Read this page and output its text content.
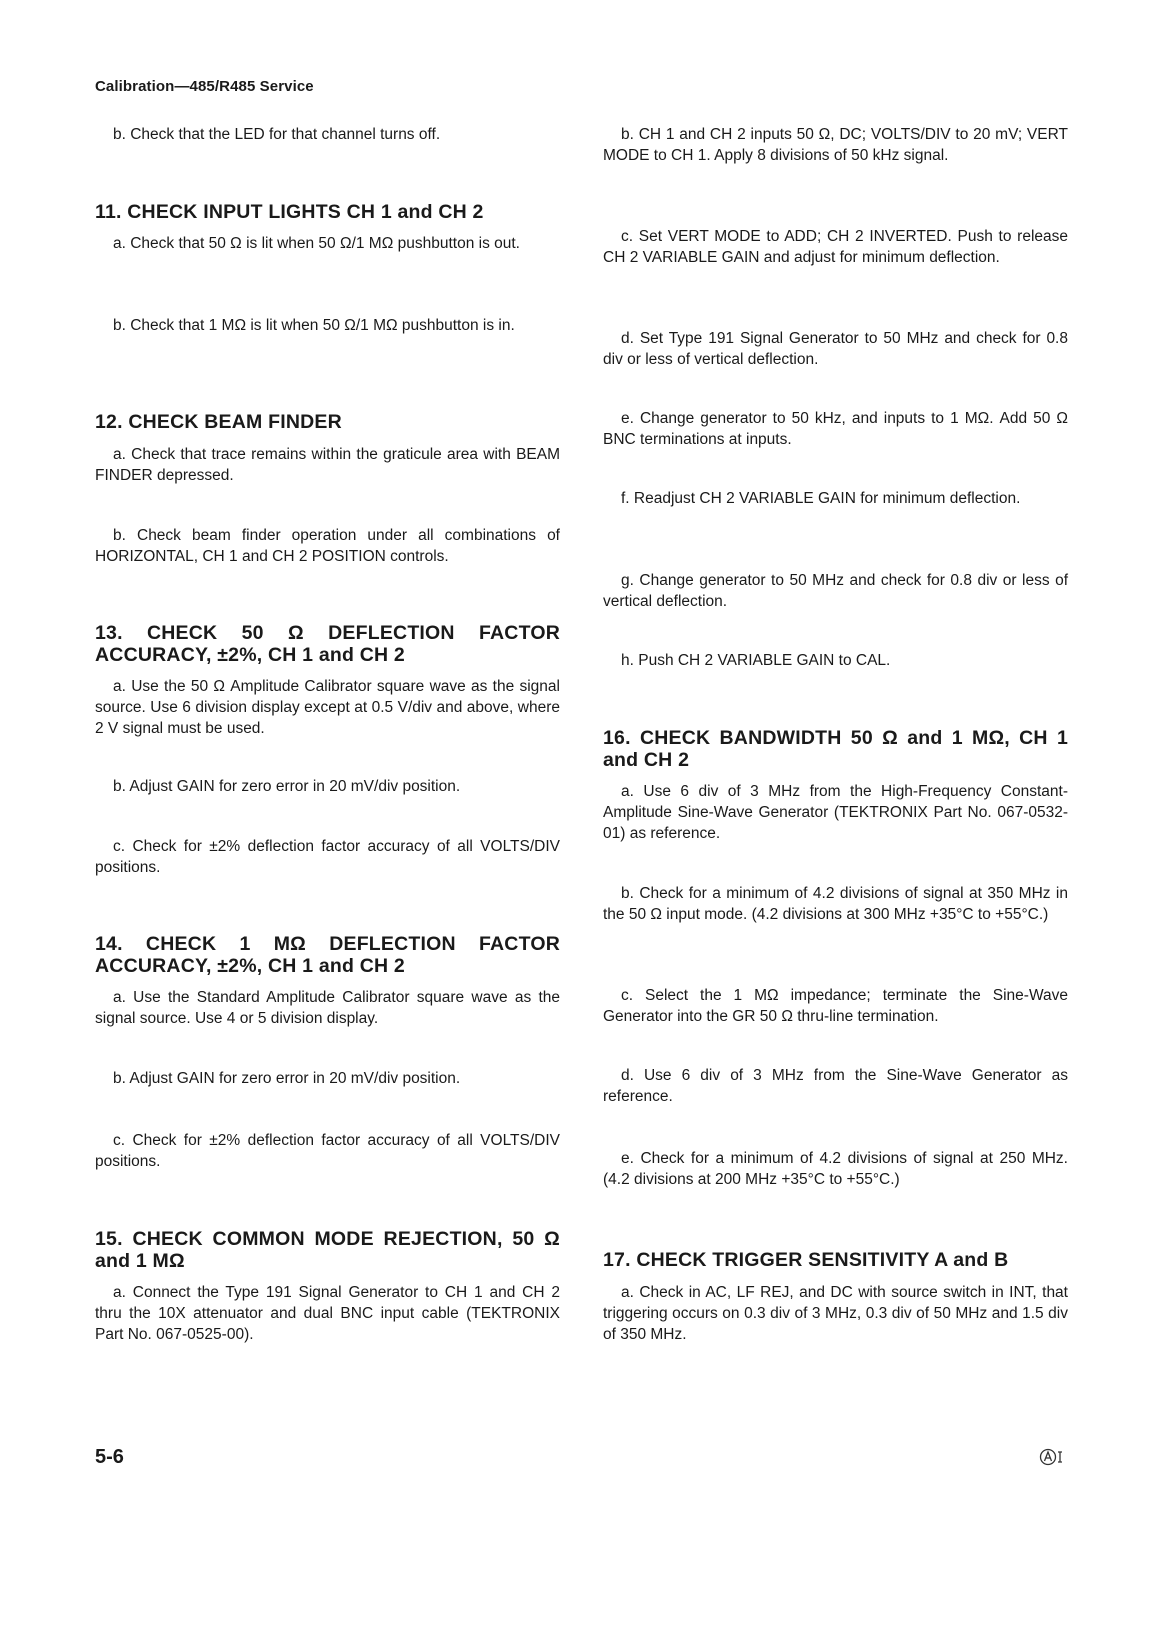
Calibration—485/R485 Service

b. Check that the LED for that channel turns off.

11. CHECK INPUT LIGHTS CH 1 and CH 2

a. Check that 50 Ω is lit when 50 Ω/1 MΩ pushbutton is out.

b. Check that 1 MΩ is lit when 50 Ω/1 MΩ pushbutton is in.

12. CHECK BEAM FINDER

a. Check that trace remains within the graticule area with BEAM FINDER depressed.

b. Check beam finder operation under all combinations of HORIZONTAL, CH 1 and CH 2 POSITION controls.

13. CHECK 50 Ω DEFLECTION FACTOR
ACCURACY, ±2%, CH 1 and CH 2

a. Use the 50 Ω Amplitude Calibrator square wave as the signal source. Use 6 division display except at 0.5 V/div and above, where 2 V signal must be used.

b. Adjust GAIN for zero error in 20 mV/div position.

c. Check for ±2% deflection factor accuracy of all VOLTS/DIV positions.

14. CHECK 1 MΩ DEFLECTION FACTOR
ACCURACY, ±2%, CH 1 and CH 2

a. Use the Standard Amplitude Calibrator square wave as the signal source. Use 4 or 5 division display.

b. Adjust GAIN for zero error in 20 mV/div position.

c. Check for ±2% deflection factor accuracy of all VOLTS/DIV positions.

15. CHECK COMMON MODE REJECTION, 50 Ω and 1 MΩ

a. Connect the Type 191 Signal Generator to CH 1 and CH 2 thru the 10X attenuator and dual BNC input cable (TEKTRONIX Part No. 067-0525-00).

b. CH 1 and CH 2 inputs 50 Ω, DC; VOLTS/DIV to 20 mV; VERT MODE to CH 1. Apply 8 divisions of 50 kHz signal.

c. Set VERT MODE to ADD; CH 2 INVERTED. Push to release CH 2 VARIABLE GAIN and adjust for minimum deflection.

d. Set Type 191 Signal Generator to 50 MHz and check for 0.8 div or less of vertical deflection.

e. Change generator to 50 kHz, and inputs to 1 MΩ. Add 50 Ω BNC terminations at inputs.

f. Readjust CH 2 VARIABLE GAIN for minimum deflection.

g. Change generator to 50 MHz and check for 0.8 div or less of vertical deflection.

h. Push CH 2 VARIABLE GAIN to CAL.

16. CHECK BANDWIDTH 50 Ω and 1 MΩ, CH 1 and CH 2

a. Use 6 div of 3 MHz from the High-Frequency Constant-Amplitude Sine-Wave Generator (TEKTRONIX Part No. 067-0532-01) as reference.

b. Check for a minimum of 4.2 divisions of signal at 350 MHz in the 50 Ω input mode. (4.2 divisions at 300 MHz +35°C to +55°C.)

c. Select the 1 MΩ impedance; terminate the Sine-Wave Generator into the GR 50 Ω thru-line termination.

d. Use 6 div of 3 MHz from the Sine-Wave Generator as reference.

e. Check for a minimum of 4.2 divisions of signal at 250 MHz. (4.2 divisions at 200 MHz +35°C to +55°C.)

17. CHECK TRIGGER SENSITIVITY A and B

a. Check in AC, LF REJ, and DC with source switch in INT, that triggering occurs on 0.3 div of 3 MHz, 0.3 div of 50 MHz and 1.5 div of 350 MHz.

5-6
